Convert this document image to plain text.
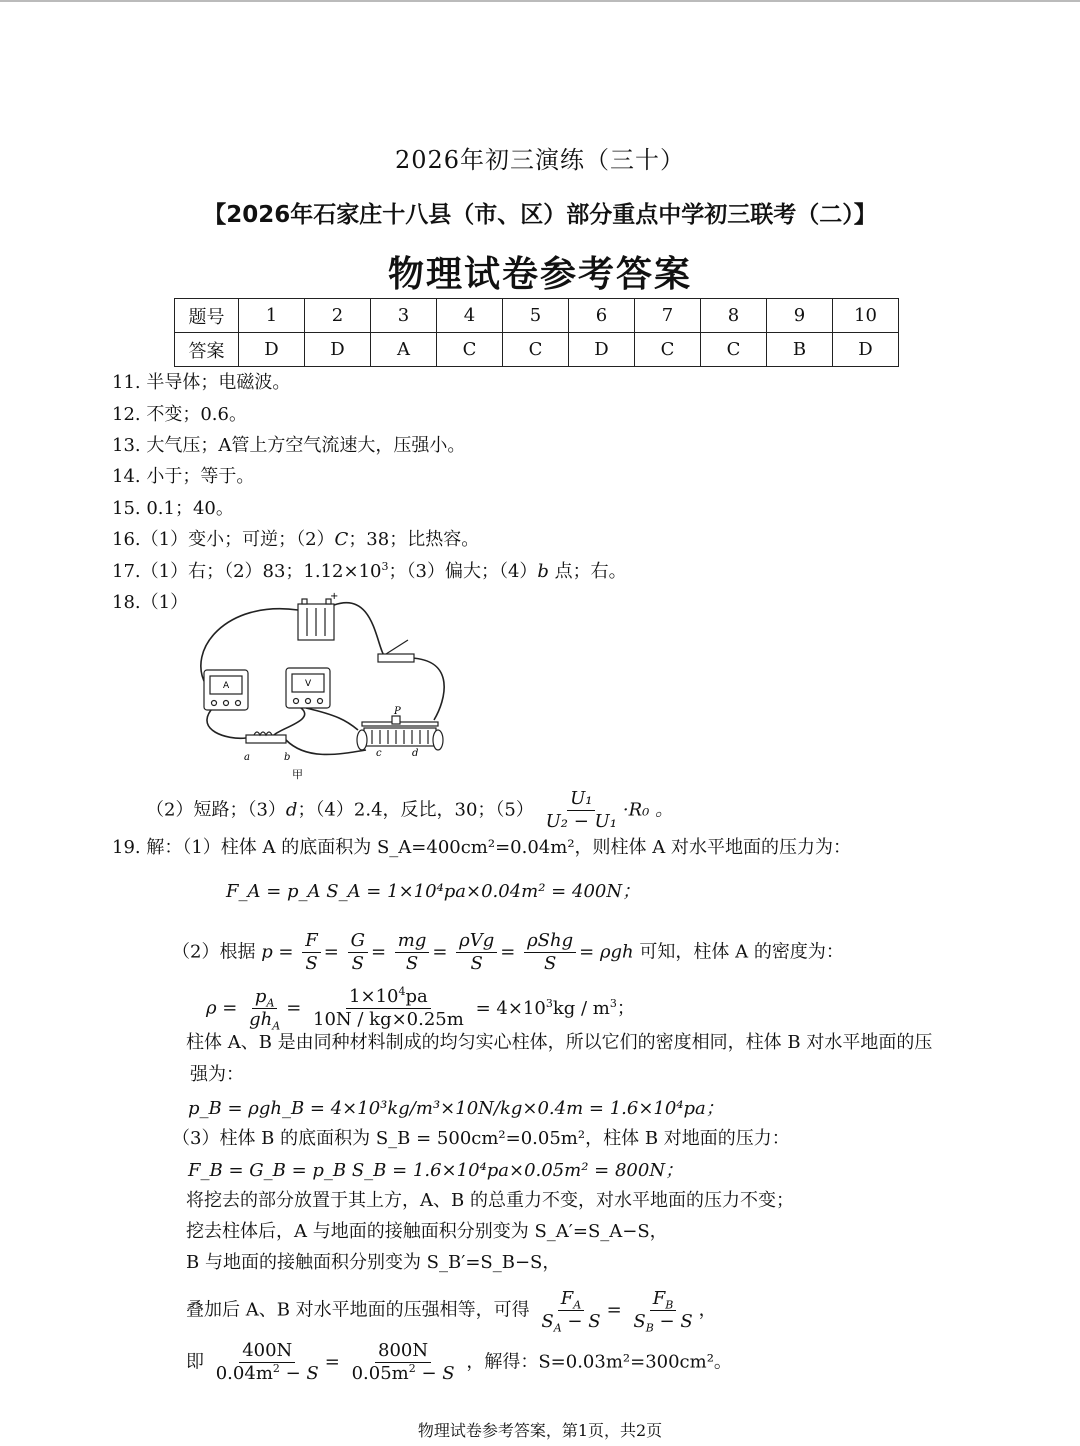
2026年初三演练（三十）
【2026年石家庄十八县（市、区）部分重点中学初三联考（二）】
物理试卷参考答案
题号	1	2	3	4	5	6	7	8	9	10
答案	D	D	A	C	C	D	C	C	B	D
11. 半导体；电磁波。
12. 不变；0.6。
13. 大气压；A管上方空气流速大，压强小。
14. 小于；等于。
15. 0.1；40。
16.（1）变小；可逆；（2）C；38；比热容。
17.（1）右；（2）83；$1.12\times 10^3$；（3）偏大；（4）b 点；右。
18.（1）	+
A	V
a	b
P
c	d
甲
（2）短路；（3）d；（4）2.4，反比，30；$(5) \frac{\text{U₁}}{\text{U₂ − U₁}} \cdot R_0$ 。
19. 解：（1）柱体 A 的底面积为 S_A=400cm²=0.04m²，则柱体 A 对水平地面的压力为：
F_A = p_A S_A = 1×10⁴pa×0.04m² = 400N；
（2）根据 $p = \frac{F}{S} = \frac{G}{S} = \frac{mg}{S} = \frac{\text{ρVg}}{S} = \frac{\text{ρShg}}{S} = \rho gh$ 可知，柱体 A 的密度为：
$\rho = \frac{p_A}{gh_A} = \frac{1\times 10^4pa}{10N / kg\times 0.25m} = 4\times 10^3kg / m^3$；
柱体 A、B 是由同种材料制成的均匀实心柱体，所以它们的密度相同，柱体 B 对水平地面的压
强为：
p_B = ρgh_B = 4×10³kg/m³×10N/kg×0.4m = 1.6×10⁴pa；
（3）柱体 B 的底面积为 S_B = 500cm²=0.05m²，柱体 B 对地面的压力：
F_B = G_B = p_B S_B = 1.6×10⁴pa×0.05m² = 800N；
将挖去的部分放置于其上方，A、B 的总重力不变，对水平地面的压力不变；
挖去柱体后，A 与地面的接触面积分别变为 S_A′=S_A−S，
B 与地面的接触面积分别变为 S_B′=S_B−S，
叠加后 A、B 对水平地面的压强相等，可得 $\frac{F_A}{S_A - S} = \frac{F_B}{S_B - S}$ ，
即 $\frac{400N}{0.04m^2 - S} = \frac{800N}{0.05m^2 - S}$ ，解得：S=0.03m²=300cm²。
物理试卷参考答案，第1页，共2页
